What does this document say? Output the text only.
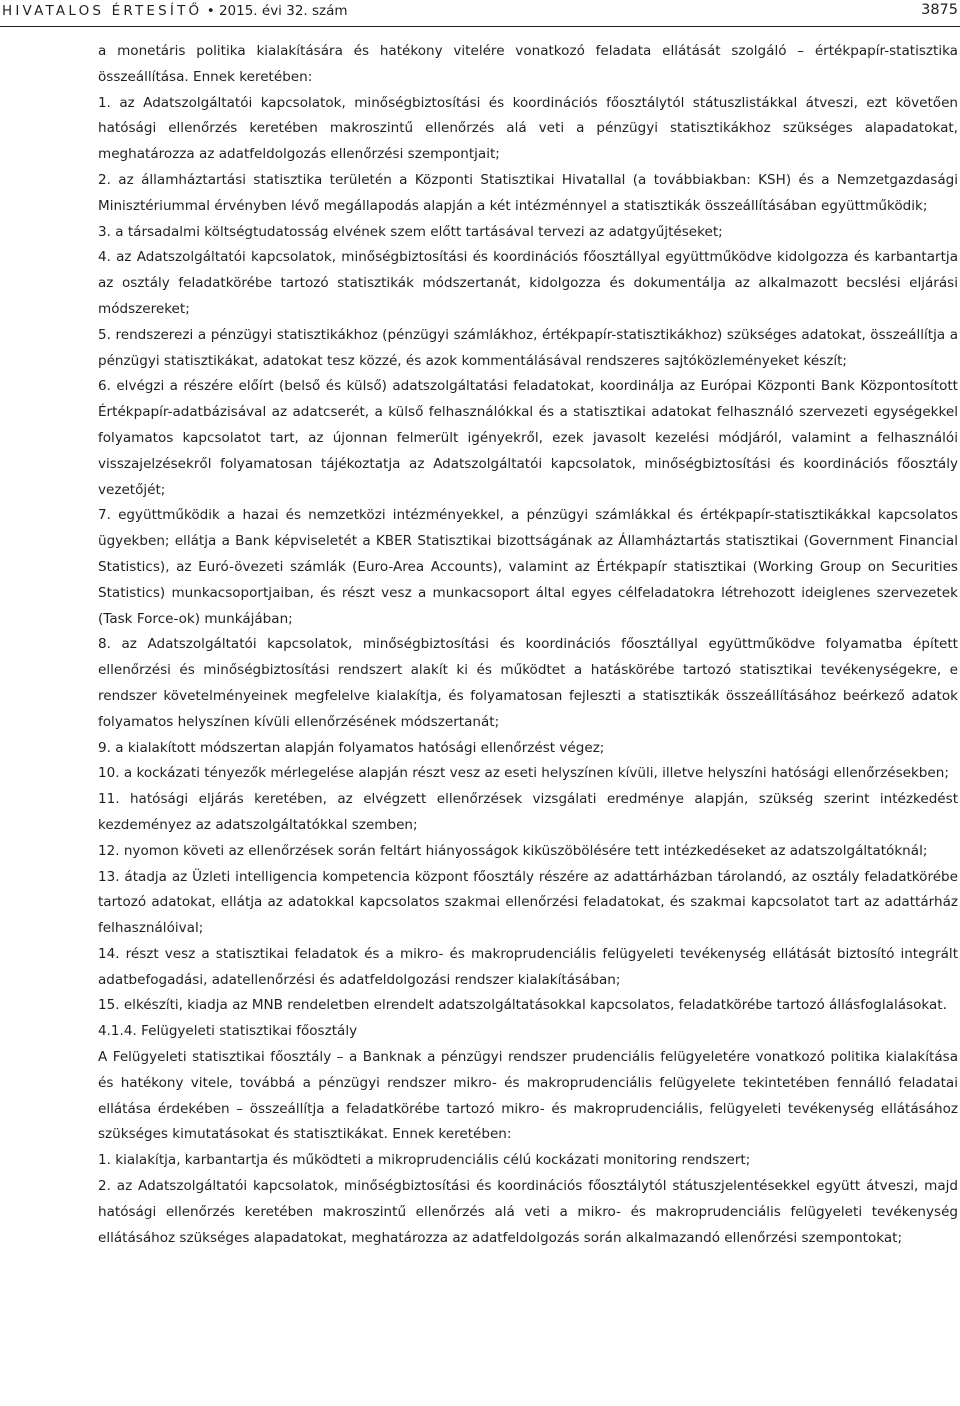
HIVATALOS ÉRTESÍTŐ • 2015. évi 32. szám	3875

a monetáris politika kialakítására és hatékony vitelére vonatkozó feladata ellátását szolgáló – értékpapír-statisztika összeállítása. Ennek keretében:

1. az Adatszolgáltatói kapcsolatok, minőségbiztosítási és koordinációs főosztálytól státuszlistákkal átveszi, ezt követően hatósági ellenőrzés keretében makroszintű ellenőrzés alá veti a pénzügyi statisztikákhoz szükséges alapadatokat, meghatározza az adatfeldolgozás ellenőrzési szempontjait;

2. az államháztartási statisztika területén a Központi Statisztikai Hivatallal (a továbbiakban: KSH) és a Nemzetgazdasági Minisztériummal érvényben lévő megállapodás alapján a két intézménnyel a statisztikák összeállításában együttműködik;

3. a társadalmi költségtudatosság elvének szem előtt tartásával tervezi az adatgyűjtéseket;

4. az Adatszolgáltatói kapcsolatok, minőségbiztosítási és koordinációs főosztállyal együttműködve kidolgozza és karbantartja az osztály feladatkörébe tartozó statisztikák módszertanát, kidolgozza és dokumentálja az alkalmazott becslési eljárási módszereket;

5. rendszerezi a pénzügyi statisztikákhoz (pénzügyi számlákhoz, értékpapír-statisztikákhoz) szükséges adatokat, összeállítja a pénzügyi statisztikákat, adatokat tesz közzé, és azok kommentálásával rendszeres sajtóközleményeket készít;

6. elvégzi a részére előírt (belső és külső) adatszolgáltatási feladatokat, koordinálja az Európai Központi Bank Központosított Értékpapír-adatbázisával az adatcserét, a külső felhasználókkal és a statisztikai adatokat felhasználó szervezeti egységekkel folyamatos kapcsolatot tart, az újonnan felmerült igényekről, ezek javasolt kezelési módjáról, valamint a felhasználói visszajelzésekről folyamatosan tájékoztatja az Adatszolgáltatói kapcsolatok, minőségbiztosítási és koordinációs főosztály vezetőjét;

7. együttműködik a hazai és nemzetközi intézményekkel, a pénzügyi számlákkal és értékpapír-statisztikákkal kapcsolatos ügyekben; ellátja a Bank képviseletét a KBER Statisztikai bizottságának az Államháztartás statisztikai (Government Financial Statistics), az Euró-övezeti számlák (Euro-Area Accounts), valamint az Értékpapír statisztikai (Working Group on Securities Statistics) munkacsoportjaiban, és részt vesz a munkacsoport által egyes célfeladatokra létrehozott ideiglenes szervezetek (Task Force-ok) munkájában;

8. az Adatszolgáltatói kapcsolatok, minőségbiztosítási és koordinációs főosztállyal együttműködve folyamatba épített ellenőrzési és minőségbiztosítási rendszert alakít ki és működtet a hatáskörébe tartozó statisztikai tevékenységekre, e rendszer követelményeinek megfelelve kialakítja, és folyamatosan fejleszti a statisztikák összeállításához beérkező adatok folyamatos helyszínen kívüli ellenőrzésének módszertanát;

9. a kialakított módszertan alapján folyamatos hatósági ellenőrzést végez;

10. a kockázati tényezők mérlegelése alapján részt vesz az eseti helyszínen kívüli, illetve helyszíni hatósági ellenőrzésekben;

11. hatósági eljárás keretében, az elvégzett ellenőrzések vizsgálati eredménye alapján, szükség szerint intézkedést kezdeményez az adatszolgáltatókkal szemben;

12. nyomon követi az ellenőrzések során feltárt hiányosságok kiküszöbölésére tett intézkedéseket az adatszolgáltatóknál;

13. átadja az Üzleti intelligencia kompetencia központ főosztály részére az adattárházban tárolandó, az osztály feladatkörébe tartozó adatokat, ellátja az adatokkal kapcsolatos szakmai ellenőrzési feladatokat, és szakmai kapcsolatot tart az adattárház felhasználóival;

14. részt vesz a statisztikai feladatok és a mikro- és makroprudenciális felügyeleti tevékenység ellátását biztosító integrált adatbefogadási, adatellenőrzési és adatfeldolgozási rendszer kialakításában;

15. elkészíti, kiadja az MNB rendeletben elrendelt adatszolgáltatásokkal kapcsolatos, feladatkörébe tartozó állásfoglalásokat.

4.1.4. Felügyeleti statisztikai főosztály

A Felügyeleti statisztikai főosztály – a Banknak a pénzügyi rendszer prudenciális felügyeletére vonatkozó politika kialakítása és hatékony vitele, továbbá a pénzügyi rendszer mikro- és makroprudenciális felügyelete tekintetében fennálló feladatai ellátása érdekében – összeállítja a feladatkörébe tartozó mikro- és makroprudenciális, felügyeleti tevékenység ellátásához szükséges kimutatásokat és statisztikákat. Ennek keretében:

1. kialakítja, karbantartja és működteti a mikroprudenciális célú kockázati monitoring rendszert;

2. az Adatszolgáltatói kapcsolatok, minőségbiztosítási és koordinációs főosztálytól státuszjelentésekkel együtt átveszi, majd hatósági ellenőrzés keretében makroszintű ellenőrzés alá veti a mikro- és makroprudenciális felügyeleti tevékenység ellátásához szükséges alapadatokat, meghatározza az adatfeldolgozás során alkalmazandó ellenőrzési szempontokat;
